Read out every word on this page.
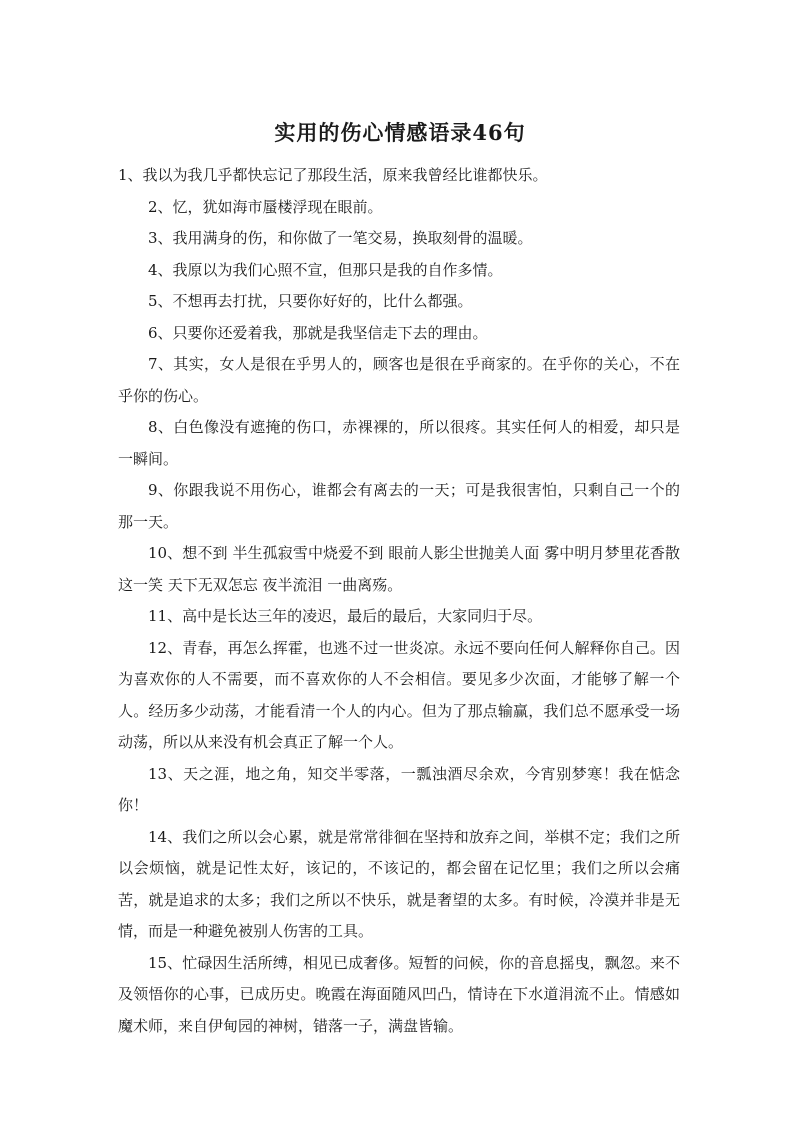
实用的伤心情感语录46句

1、我以为我几乎都快忘记了那段生活，原来我曾经比谁都快乐。

2、忆，犹如海市蜃楼浮现在眼前。

3、我用满身的伤，和你做了一笔交易，换取刻骨的温暖。

4、我原以为我们心照不宣，但那只是我的自作多情。

5、不想再去打扰，只要你好好的，比什么都强。

6、只要你还爱着我，那就是我坚信走下去的理由。

7、其实，女人是很在乎男人的，顾客也是很在乎商家的。在乎你的关心，不在乎你的伤心。

8、白色像没有遮掩的伤口，赤裸裸的，所以很疼。其实任何人的相爱，却只是一瞬间。

9、你跟我说不用伤心，谁都会有离去的一天；可是我很害怕，只剩自己一个的那一天。

10、想不到 半生孤寂雪中烧爱不到 眼前人影尘世抛美人面 雾中明月梦里花香散这一笑 天下无双怎忘 夜半流泪 一曲离殇。

11、高中是长达三年的凌迟，最后的最后，大家同归于尽。

12、青春，再怎么挥霍，也逃不过一世炎凉。永远不要向任何人解释你自己。因为喜欢你的人不需要，而不喜欢你的人不会相信。要见多少次面，才能够了解一个人。经历多少动荡，才能看清一个人的内心。但为了那点输赢，我们总不愿承受一场动荡，所以从来没有机会真正了解一个人。

13、天之涯，地之角，知交半零落，一瓢浊酒尽余欢，今宵别梦寒！我在惦念你！

14、我们之所以会心累，就是常常徘徊在坚持和放弃之间，举棋不定；我们之所以会烦恼，就是记性太好，该记的，不该记的，都会留在记忆里；我们之所以会痛苦，就是追求的太多；我们之所以不快乐，就是奢望的太多。有时候，冷漠并非是无情，而是一种避免被别人伤害的工具。

15、忙碌因生活所缚，相见已成奢侈。短暂的问候，你的音息摇曳，飘忽。来不及领悟你的心事，已成历史。晚霞在海面随风凹凸，情诗在下水道涓流不止。情感如魔术师，来自伊甸园的神树，错落一子，满盘皆输。
